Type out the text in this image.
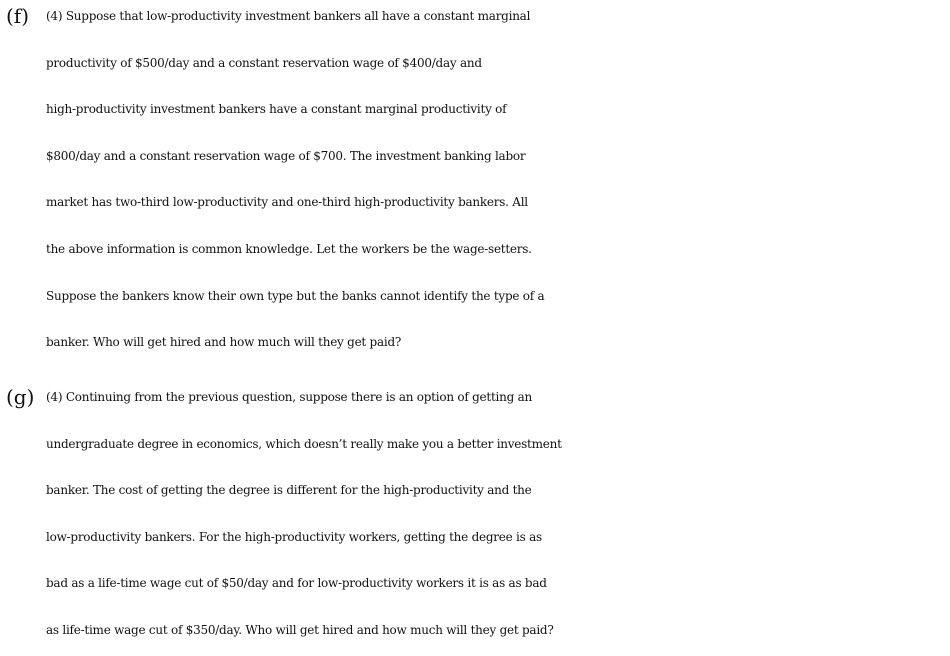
(f) (4) Suppose that low-productivity investment bankers all have a constant marginal
productivity of $500/day and a constant reservation wage of $400/day and
high-productivity investment bankers have a constant marginal productivity of
$800/day and a constant reservation wage of $700. The investment banking labor
market has two-third low-productivity and one-third high-productivity bankers. All
the above information is common knowledge. Let the workers be the wage-setters.
Suppose the bankers know their own type but the banks cannot identify the type of a
banker. Who will get hired and how much will they get paid?
(g) (4) Continuing from the previous question, suppose there is an option of getting an
undergraduate degree in economics, which doesn’t really make you a better investment
banker. The cost of getting the degree is different for the high-productivity and the
low-productivity bankers. For the high-productivity workers, getting the degree is as
bad as a life-time wage cut of $50/day and for low-productivity workers it is as as bad
as life-time wage cut of $350/day. Who will get hired and how much will they get paid?
